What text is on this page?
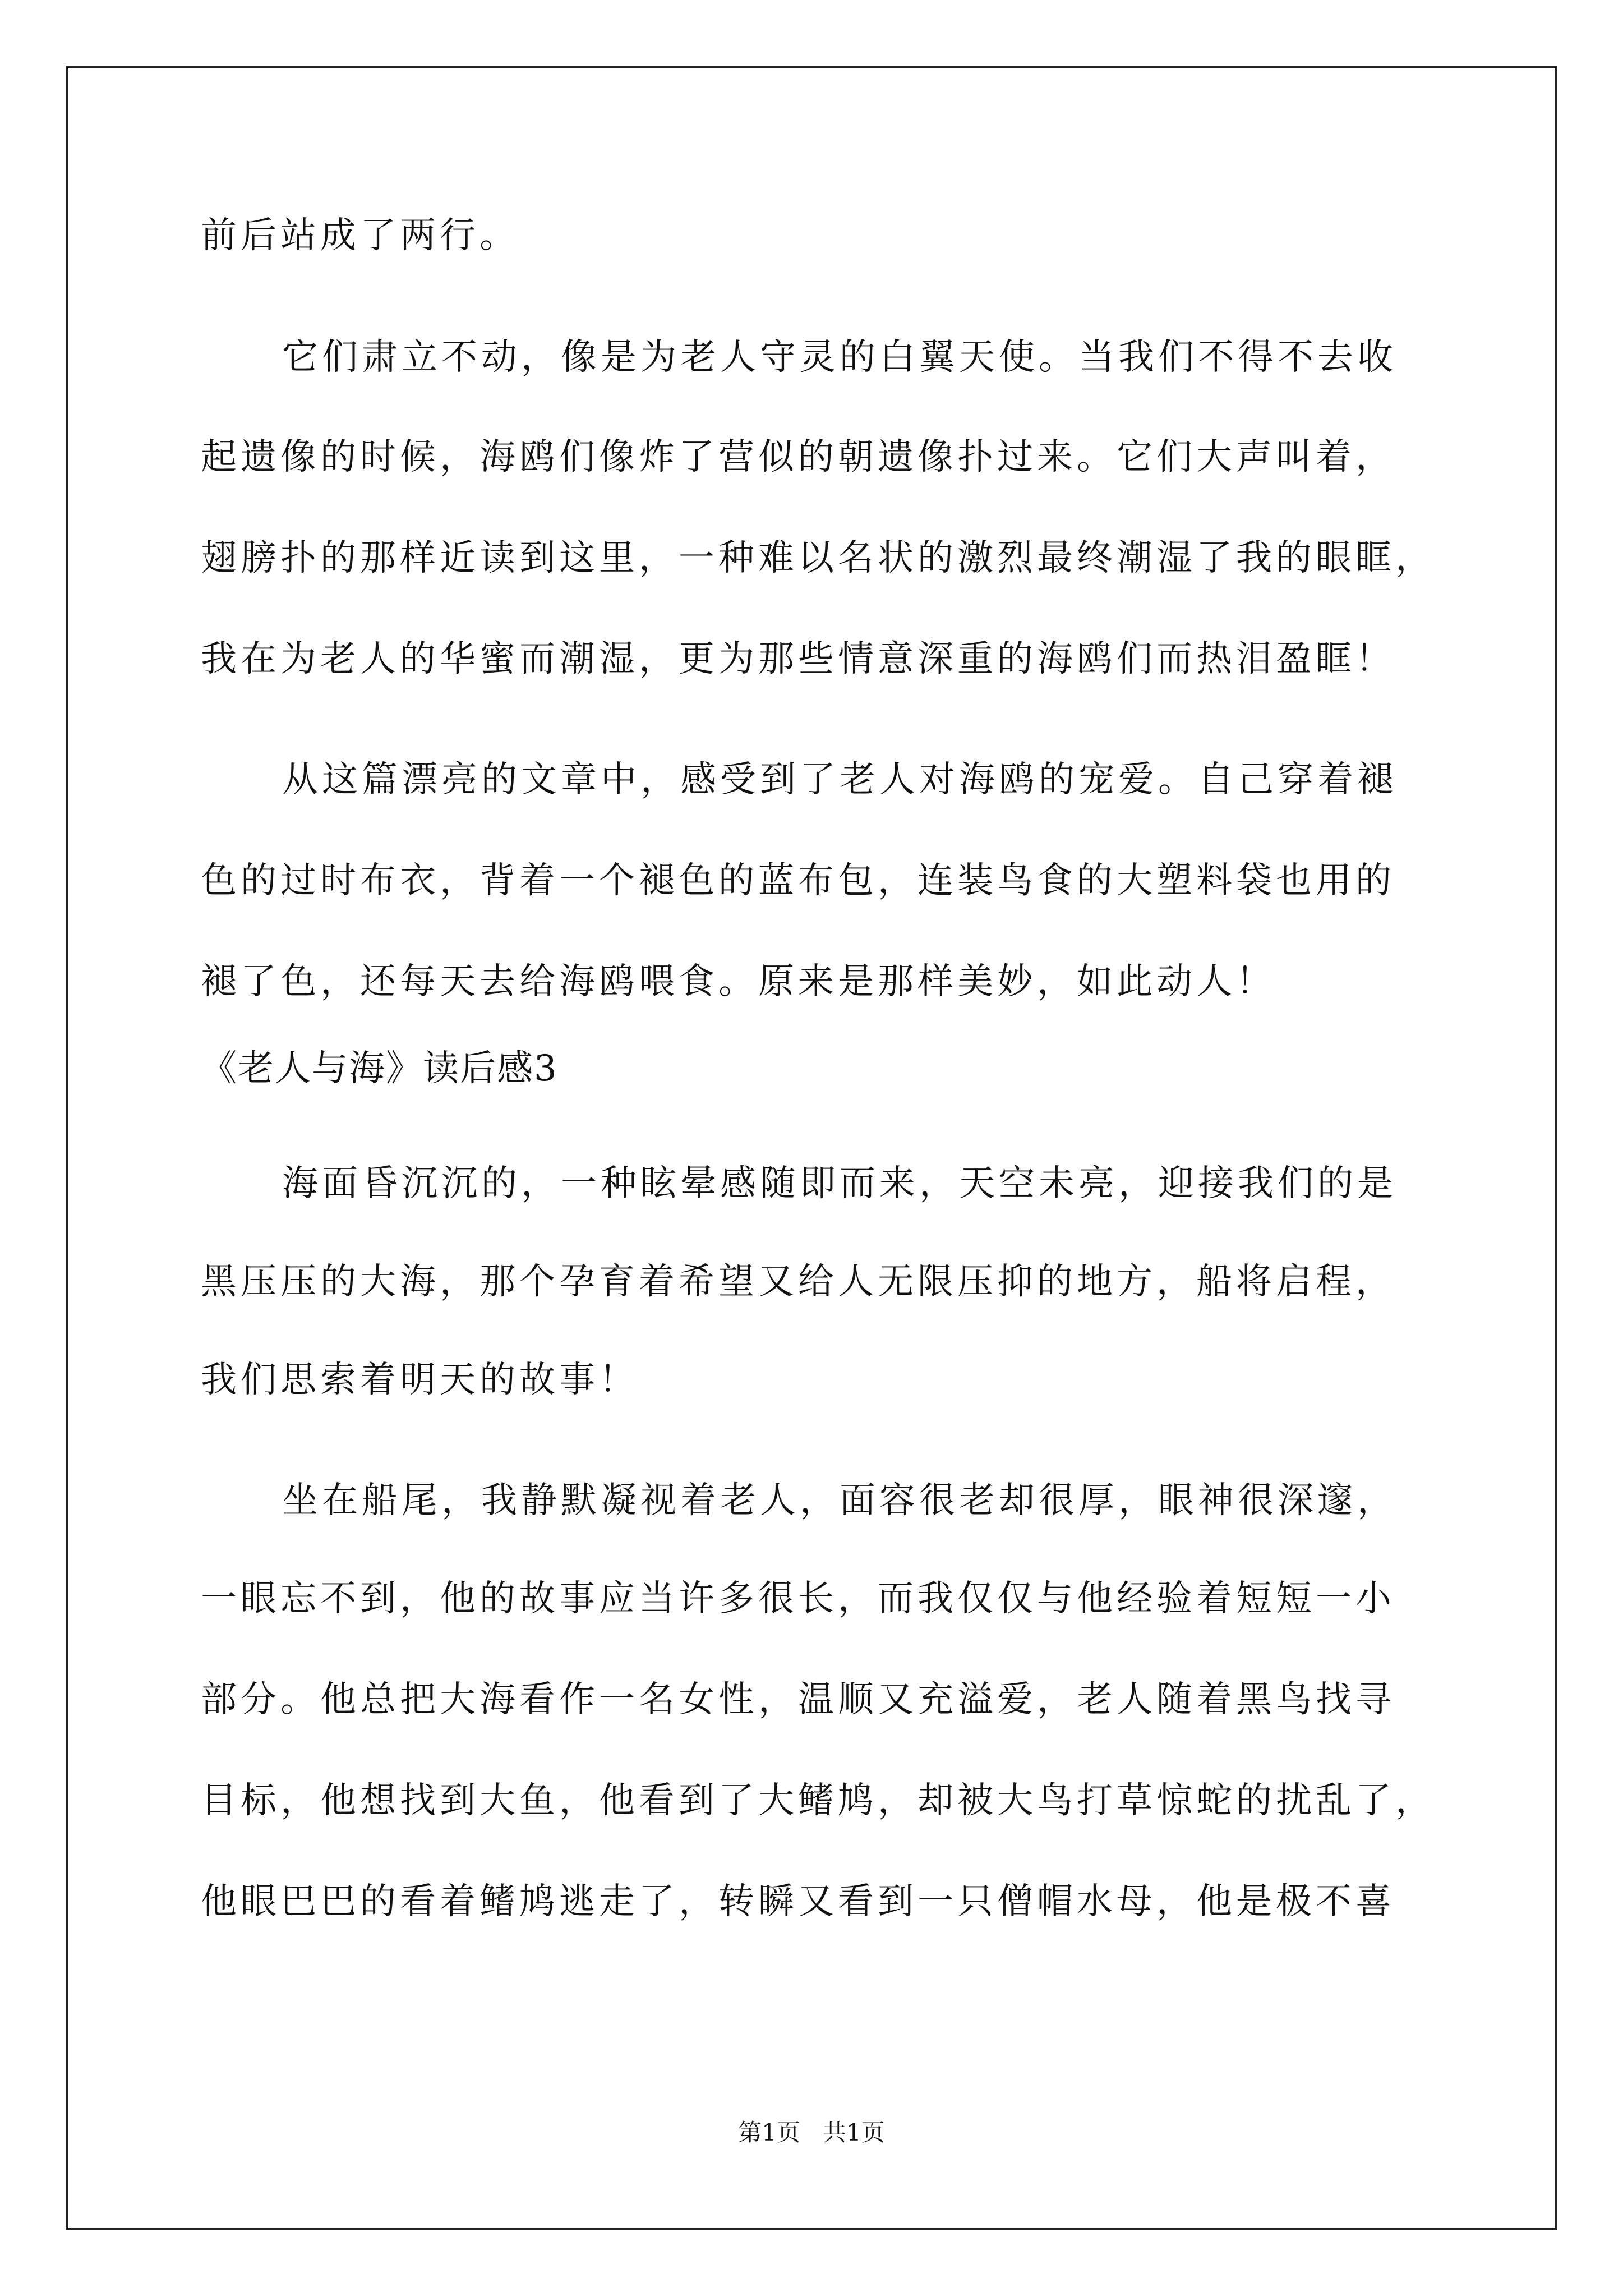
前后站成了两行。
它们肃立不动，像是为老人守灵的白翼天使。当我们不得不去收
起遗像的时候，海鸥们像炸了营似的朝遗像扑过来。它们大声叫着，
翅膀扑的那样近读到这里，一种难以名状的激烈最终潮湿了我的眼眶，
我在为老人的华蜜而潮湿，更为那些情意深重的海鸥们而热泪盈眶！
从这篇漂亮的文章中，感受到了老人对海鸥的宠爱。自己穿着褪
色的过时布衣，背着一个褪色的蓝布包，连装鸟食的大塑料袋也用的
褪了色，还每天去给海鸥喂食。原来是那样美妙，如此动人！
《老人与海》读后感3
海面昏沉沉的，一种眩晕感随即而来，天空未亮，迎接我们的是
黑压压的大海，那个孕育着希望又给人无限压抑的地方，船将启程，
我们思索着明天的故事！
坐在船尾，我静默凝视着老人，面容很老却很厚，眼神很深邃，
一眼忘不到，他的故事应当许多很长，而我仅仅与他经验着短短一小
部分。他总把大海看作一名女性，温顺又充溢爱，老人随着黑鸟找寻
目标，他想找到大鱼，他看到了大鳍鸠，却被大鸟打草惊蛇的扰乱了，
他眼巴巴的看着鳍鸠逃走了，转瞬又看到一只僧帽水母，他是极不喜
第1页   共1页
